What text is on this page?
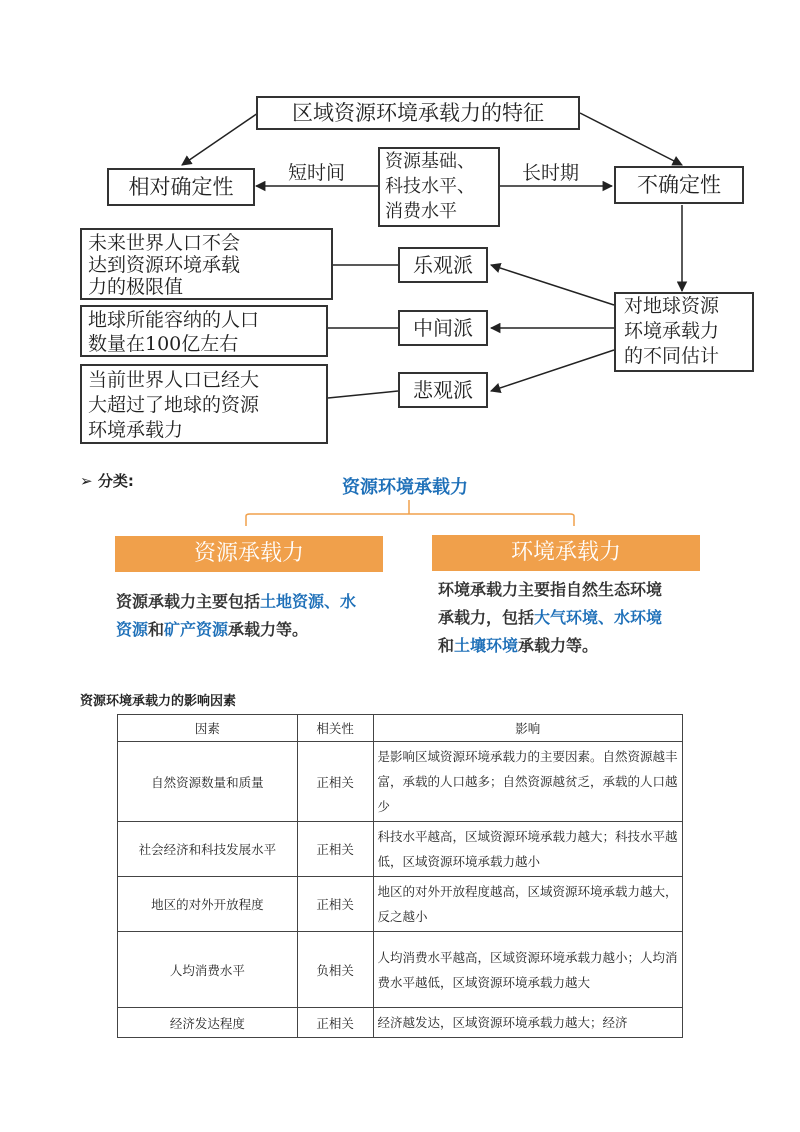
区域资源环境承载力的特征
相对确定性	不确定性
资源基础、
科技水平、
消费水平
短时间	长时期
对地球资源
环境承载力
的不同估计
乐观派
中间派
悲观派
未来世界人口不会
达到资源环境承载
力的极限值
地球所能容纳的人口
数量在100亿左右
当前世界人口已经大
大超过了地球的资源
环境承载力
➢ 分类:	资源环境承载力
资源承载力	环境承载力
资源承载力主要包括土地资源、水
资源和矿产资源承载力等。
环境承载力主要指自然生态环境
承载力，包括大气环境、水环境
和土壤环境承载力等。
资源环境承载力的影响因素
因素	相关性	影响
自然资源数量和质量	正相关	是影响区域资源环境承载力的主要因素。自然资源越丰富，承载的人口越多；自然资源越贫乏，承载的人口越少
社会经济和科技发展水平	正相关	科技水平越高，区域资源环境承载力越大；科技水平越低，区域资源环境承载力越小
地区的对外开放程度	正相关	地区的对外开放程度越高，区域资源环境承载力越大，反之越小
人均消费水平	负相关	人均消费水平越高，区域资源环境承载力越小；人均消费水平越低，区域资源环境承载力越大
经济发达程度	正相关	经济越发达，区域资源环境承载力越大；经济
